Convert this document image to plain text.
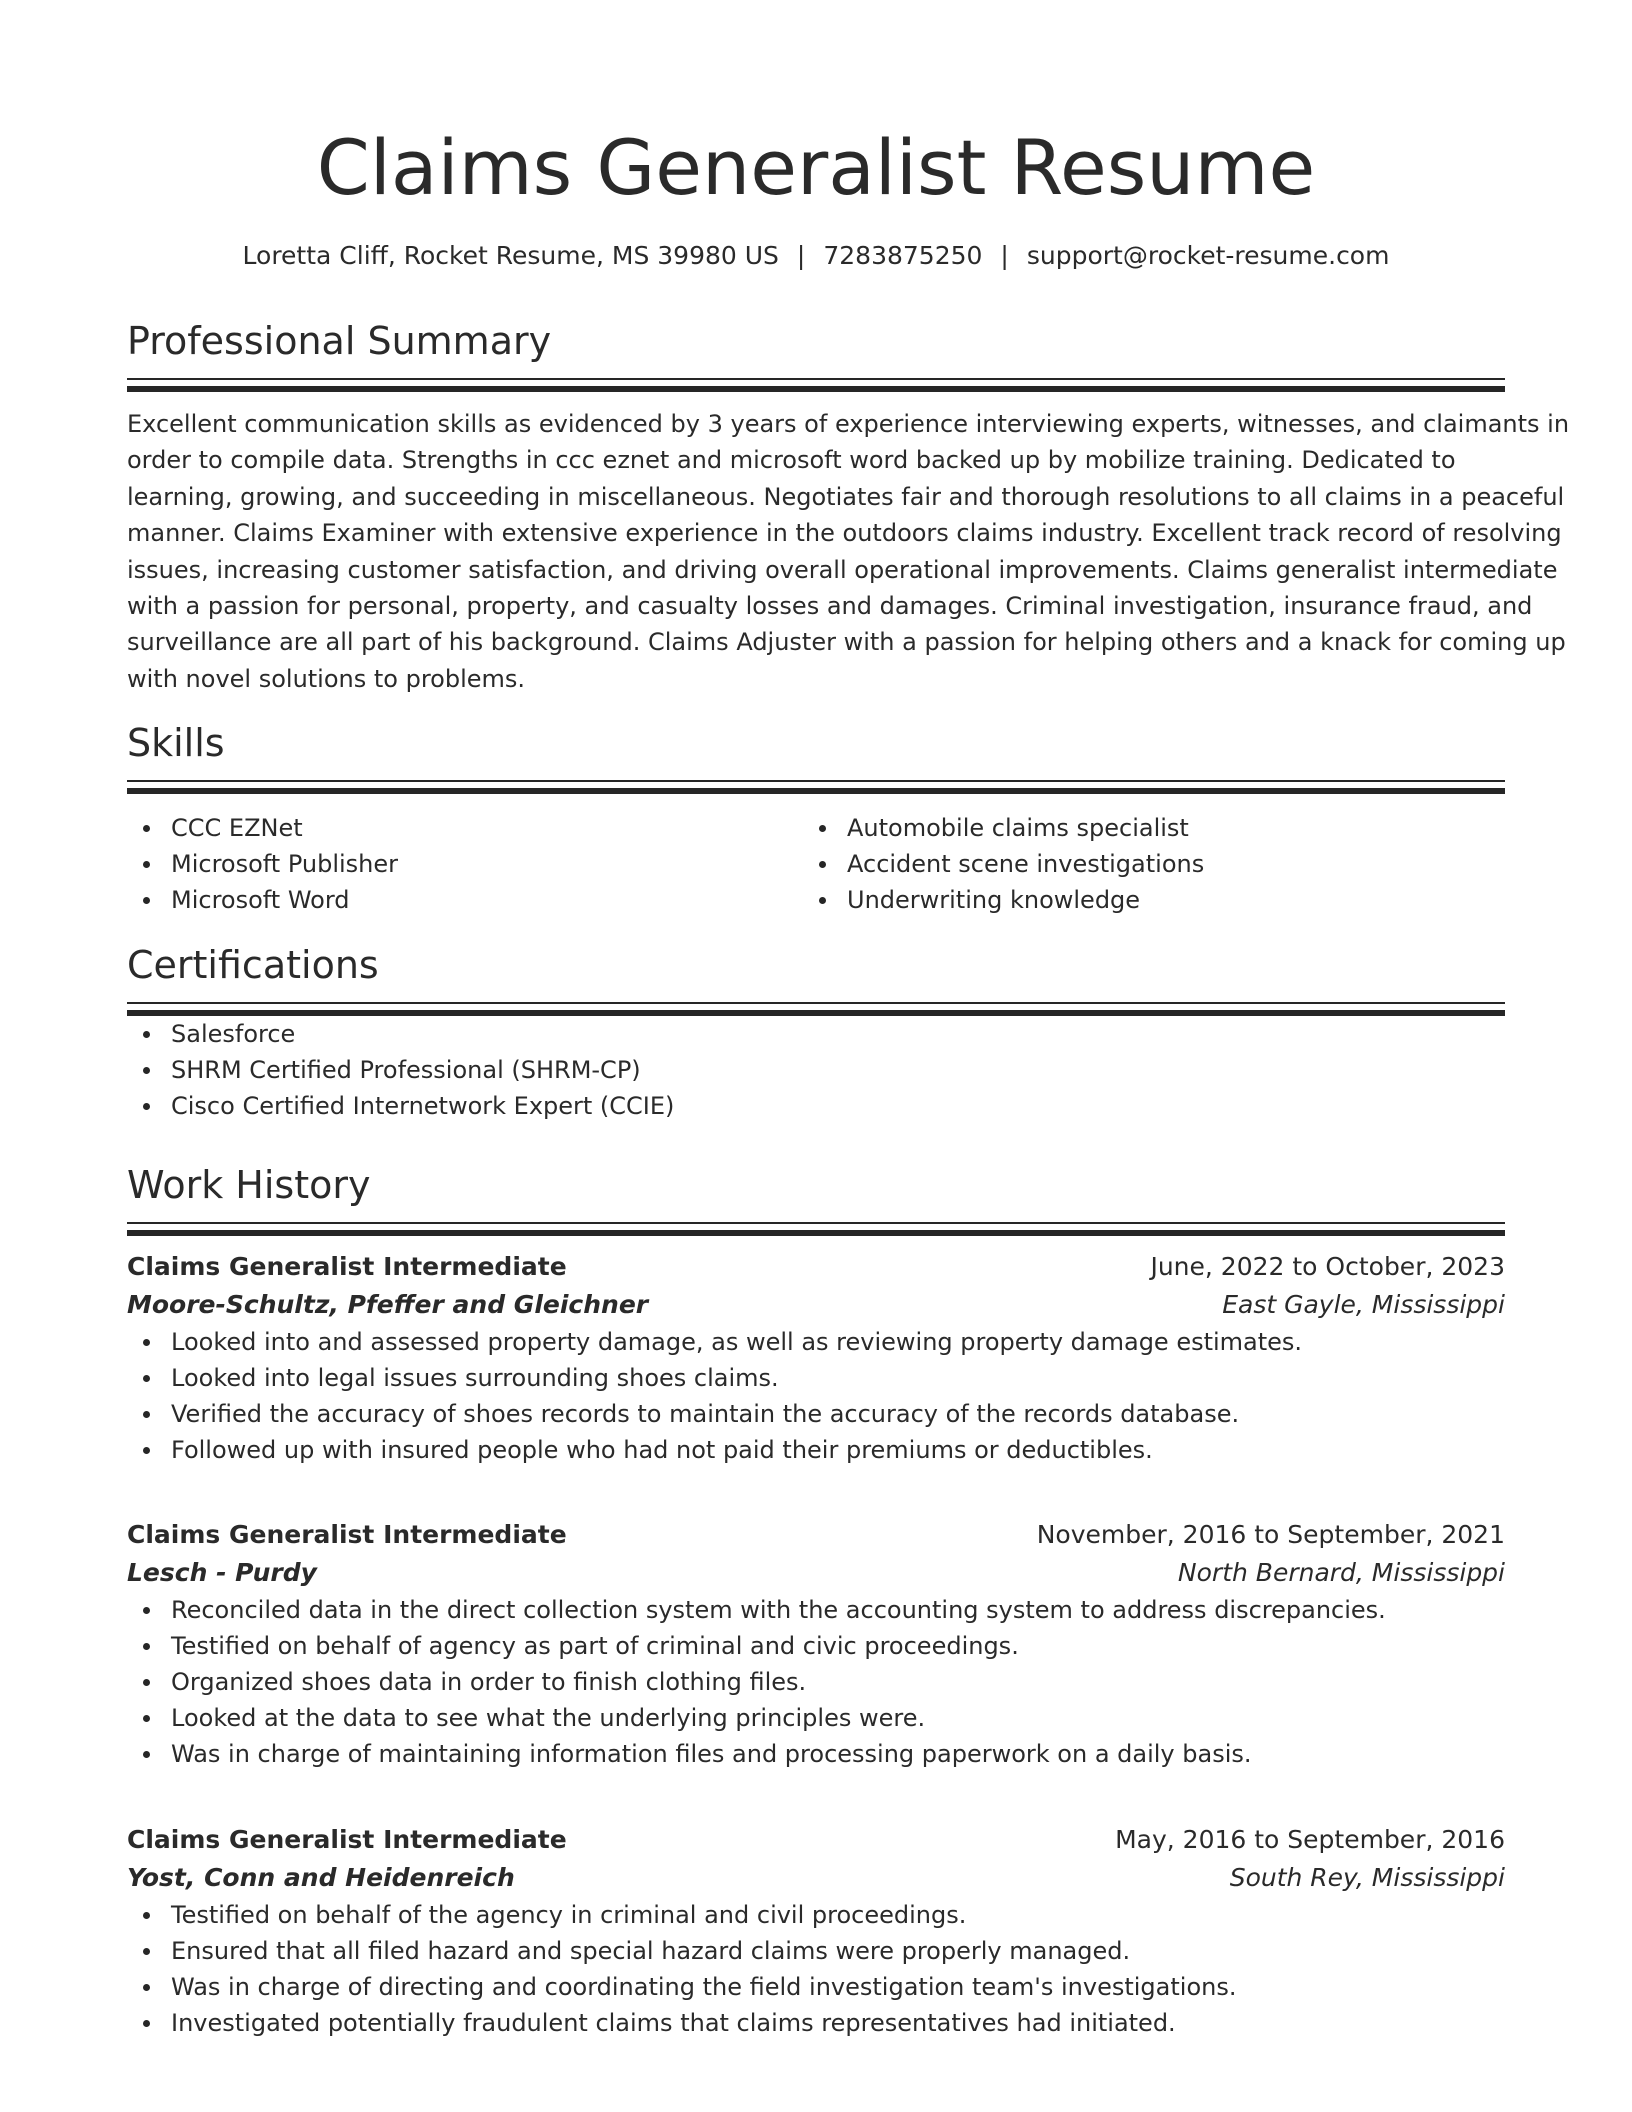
Claims Generalist Resume
Loretta Cliff, Rocket Resume, MS 39980 US | 7283875250 | support@rocket-resume.com
Professional Summary
Excellent communication skills as evidenced by 3 years of experience interviewing experts, witnesses, and claimants in
order to compile data. Strengths in ccc eznet and microsoft word backed up by mobilize training. Dedicated to
learning, growing, and succeeding in miscellaneous. Negotiates fair and thorough resolutions to all claims in a peaceful
manner. Claims Examiner with extensive experience in the outdoors claims industry. Excellent track record of resolving
issues, increasing customer satisfaction, and driving overall operational improvements. Claims generalist intermediate
with a passion for personal, property, and casualty losses and damages. Criminal investigation, insurance fraud, and
surveillance are all part of his background. Claims Adjuster with a passion for helping others and a knack for coming up
with novel solutions to problems.
Skills
CCC EZNet
Microsoft Publisher
Microsoft Word
Automobile claims specialist
Accident scene investigations
Underwriting knowledge
Certifications
Salesforce
SHRM Certified Professional (SHRM-CP)
Cisco Certified Internetwork Expert (CCIE)
Work History
Claims Generalist Intermediate	June, 2022 to October, 2023
Moore-Schultz, Pfeffer and Gleichner	East Gayle, Mississippi
Looked into and assessed property damage, as well as reviewing property damage estimates.
Looked into legal issues surrounding shoes claims.
Verified the accuracy of shoes records to maintain the accuracy of the records database.
Followed up with insured people who had not paid their premiums or deductibles.
Claims Generalist Intermediate	November, 2016 to September, 2021
Lesch - Purdy	North Bernard, Mississippi
Reconciled data in the direct collection system with the accounting system to address discrepancies.
Testified on behalf of agency as part of criminal and civic proceedings.
Organized shoes data in order to finish clothing files.
Looked at the data to see what the underlying principles were.
Was in charge of maintaining information files and processing paperwork on a daily basis.
Claims Generalist Intermediate	May, 2016 to September, 2016
Yost, Conn and Heidenreich	South Rey, Mississippi
Testified on behalf of the agency in criminal and civil proceedings.
Ensured that all filed hazard and special hazard claims were properly managed.
Was in charge of directing and coordinating the field investigation team's investigations.
Investigated potentially fraudulent claims that claims representatives had initiated.
